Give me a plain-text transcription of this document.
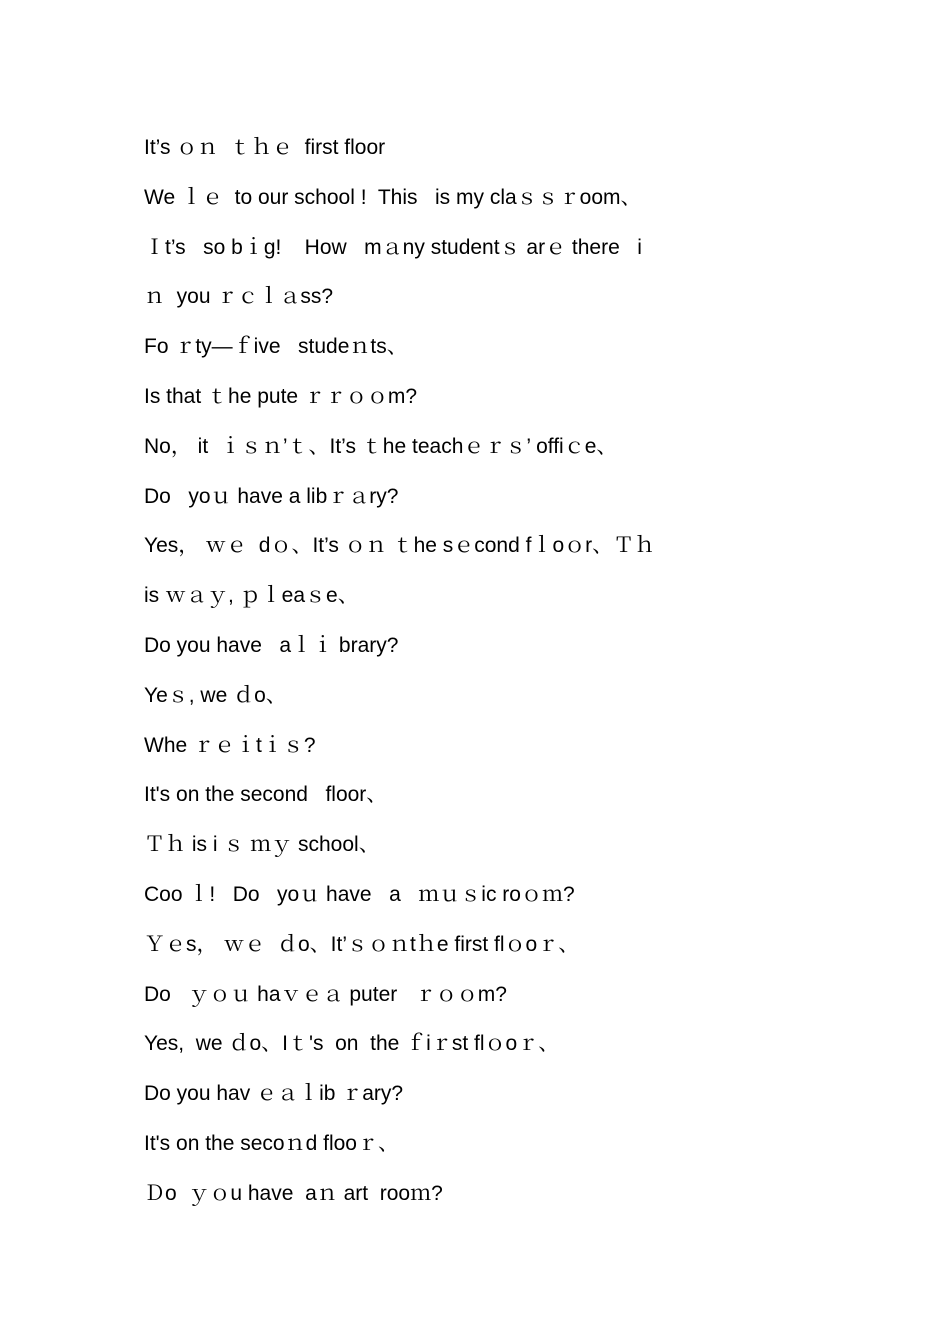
It’s ｏｎ  ｔｈｅ  first floor
We ｌｅ  to our school !  This   is my claｓｓｒoom、
Ｉt’s   so bｉg!    How   mａny studentｓ arｅ there   i
ｎ  you ｒｃｌａss?
Fo ｒty—ｆive   studeｎts、
Is that ｔhe pute ｒｒｏｏm?
No， it  ｉｓｎ’ｔ、It’s ｔhe teachｅｒｓ’ offiｃe、
Do   yoｕ have a libｒａry?
Yes， ｗｅ  dｏ、It’s ｏｎ ｔhe sｅcond fｌoｏr、Ｔｈ
is ｗａｙ, ｐｌeaｓe、
Do you have   aｌｉ brary?
Yeｓ, we ｄo、
Whe ｒｅｉtｉｓ?
It's on the second   floor、
Ｔｈ is i ｓ ｍｙ school、
Coo ｌ!   Do   yoｕ have   a   ｍｕｓic roｏｍ?
Ｙｅs， ｗｅ  ｄo、It’ｓｏｎtｈe first flｏoｒ、
Do   ｙｏｕ haｖｅａ puter   ｒｏｏm?
Yes,  we ｄo、Iｔ's  on  the ｆiｒst flｏoｒ、
Do you hav ｅａｌib ｒary?
It's on the secoｎd flooｒ、
Ｄo  ｙｏu have  aｎ art  rooｍ?
